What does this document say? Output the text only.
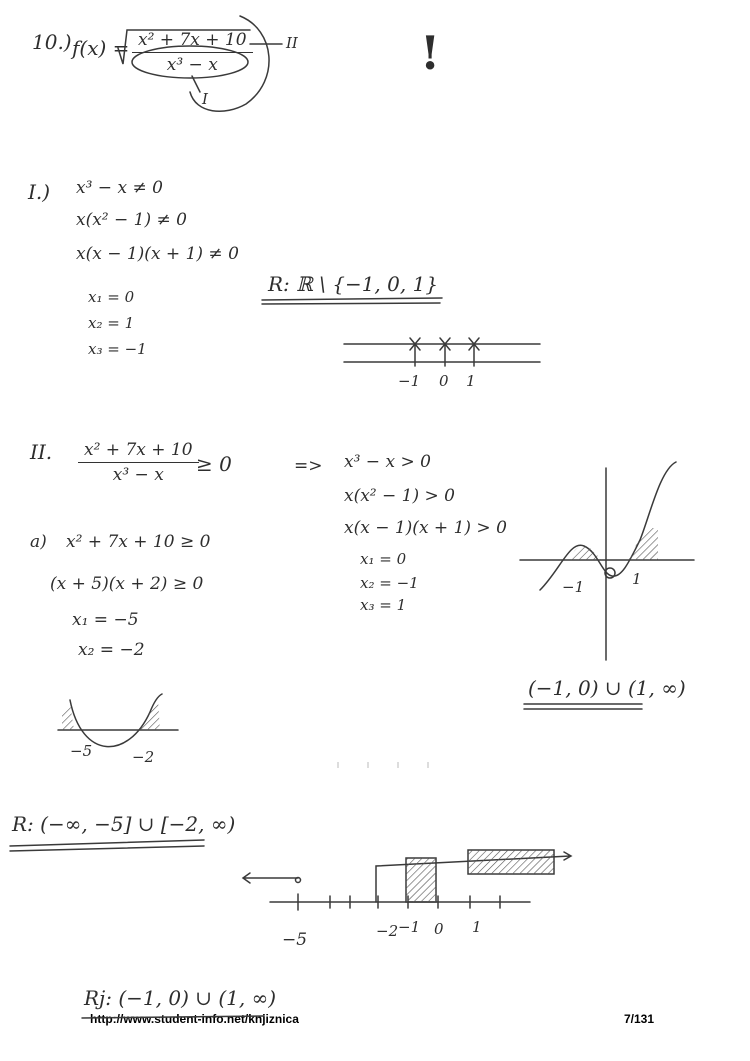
10.) $f(x) = \frac{\text{x² + 7x + 10}}{\text{x³ − x}}$ II
I
!
I.) x³ − x ≠ 0
x(x² − 1) ≠ 0
x(x − 1)(x + 1) ≠ 0
x₁ = 0
x₂ = 1
x₃ = −1
R: ℝ \ {−1, 0, 1}
−1 0 1
II. $\frac{\text{x² + 7x + 10}}{\text{x³ − x}}$
≥ 0	=> x³ − x > 0
x(x² − 1) > 0
x(x − 1)(x + 1) > 0
x₁ = 0
x₂ = −1
x₃ = 1
−1	1
(−1, 0) ∪ (1, ∞)
a) x² + 7x + 10 ≥ 0
(x + 5)(x + 2) ≥ 0
x₁ = −5
x₂ = −2
−5	−2
R: (−∞, −5] ∪ [−2, ∞)
−5	−2 −1 0 1
Rj: (−1, 0) ∪ (1, ∞)
http://www.student-info.net/knjiznica	7/131
